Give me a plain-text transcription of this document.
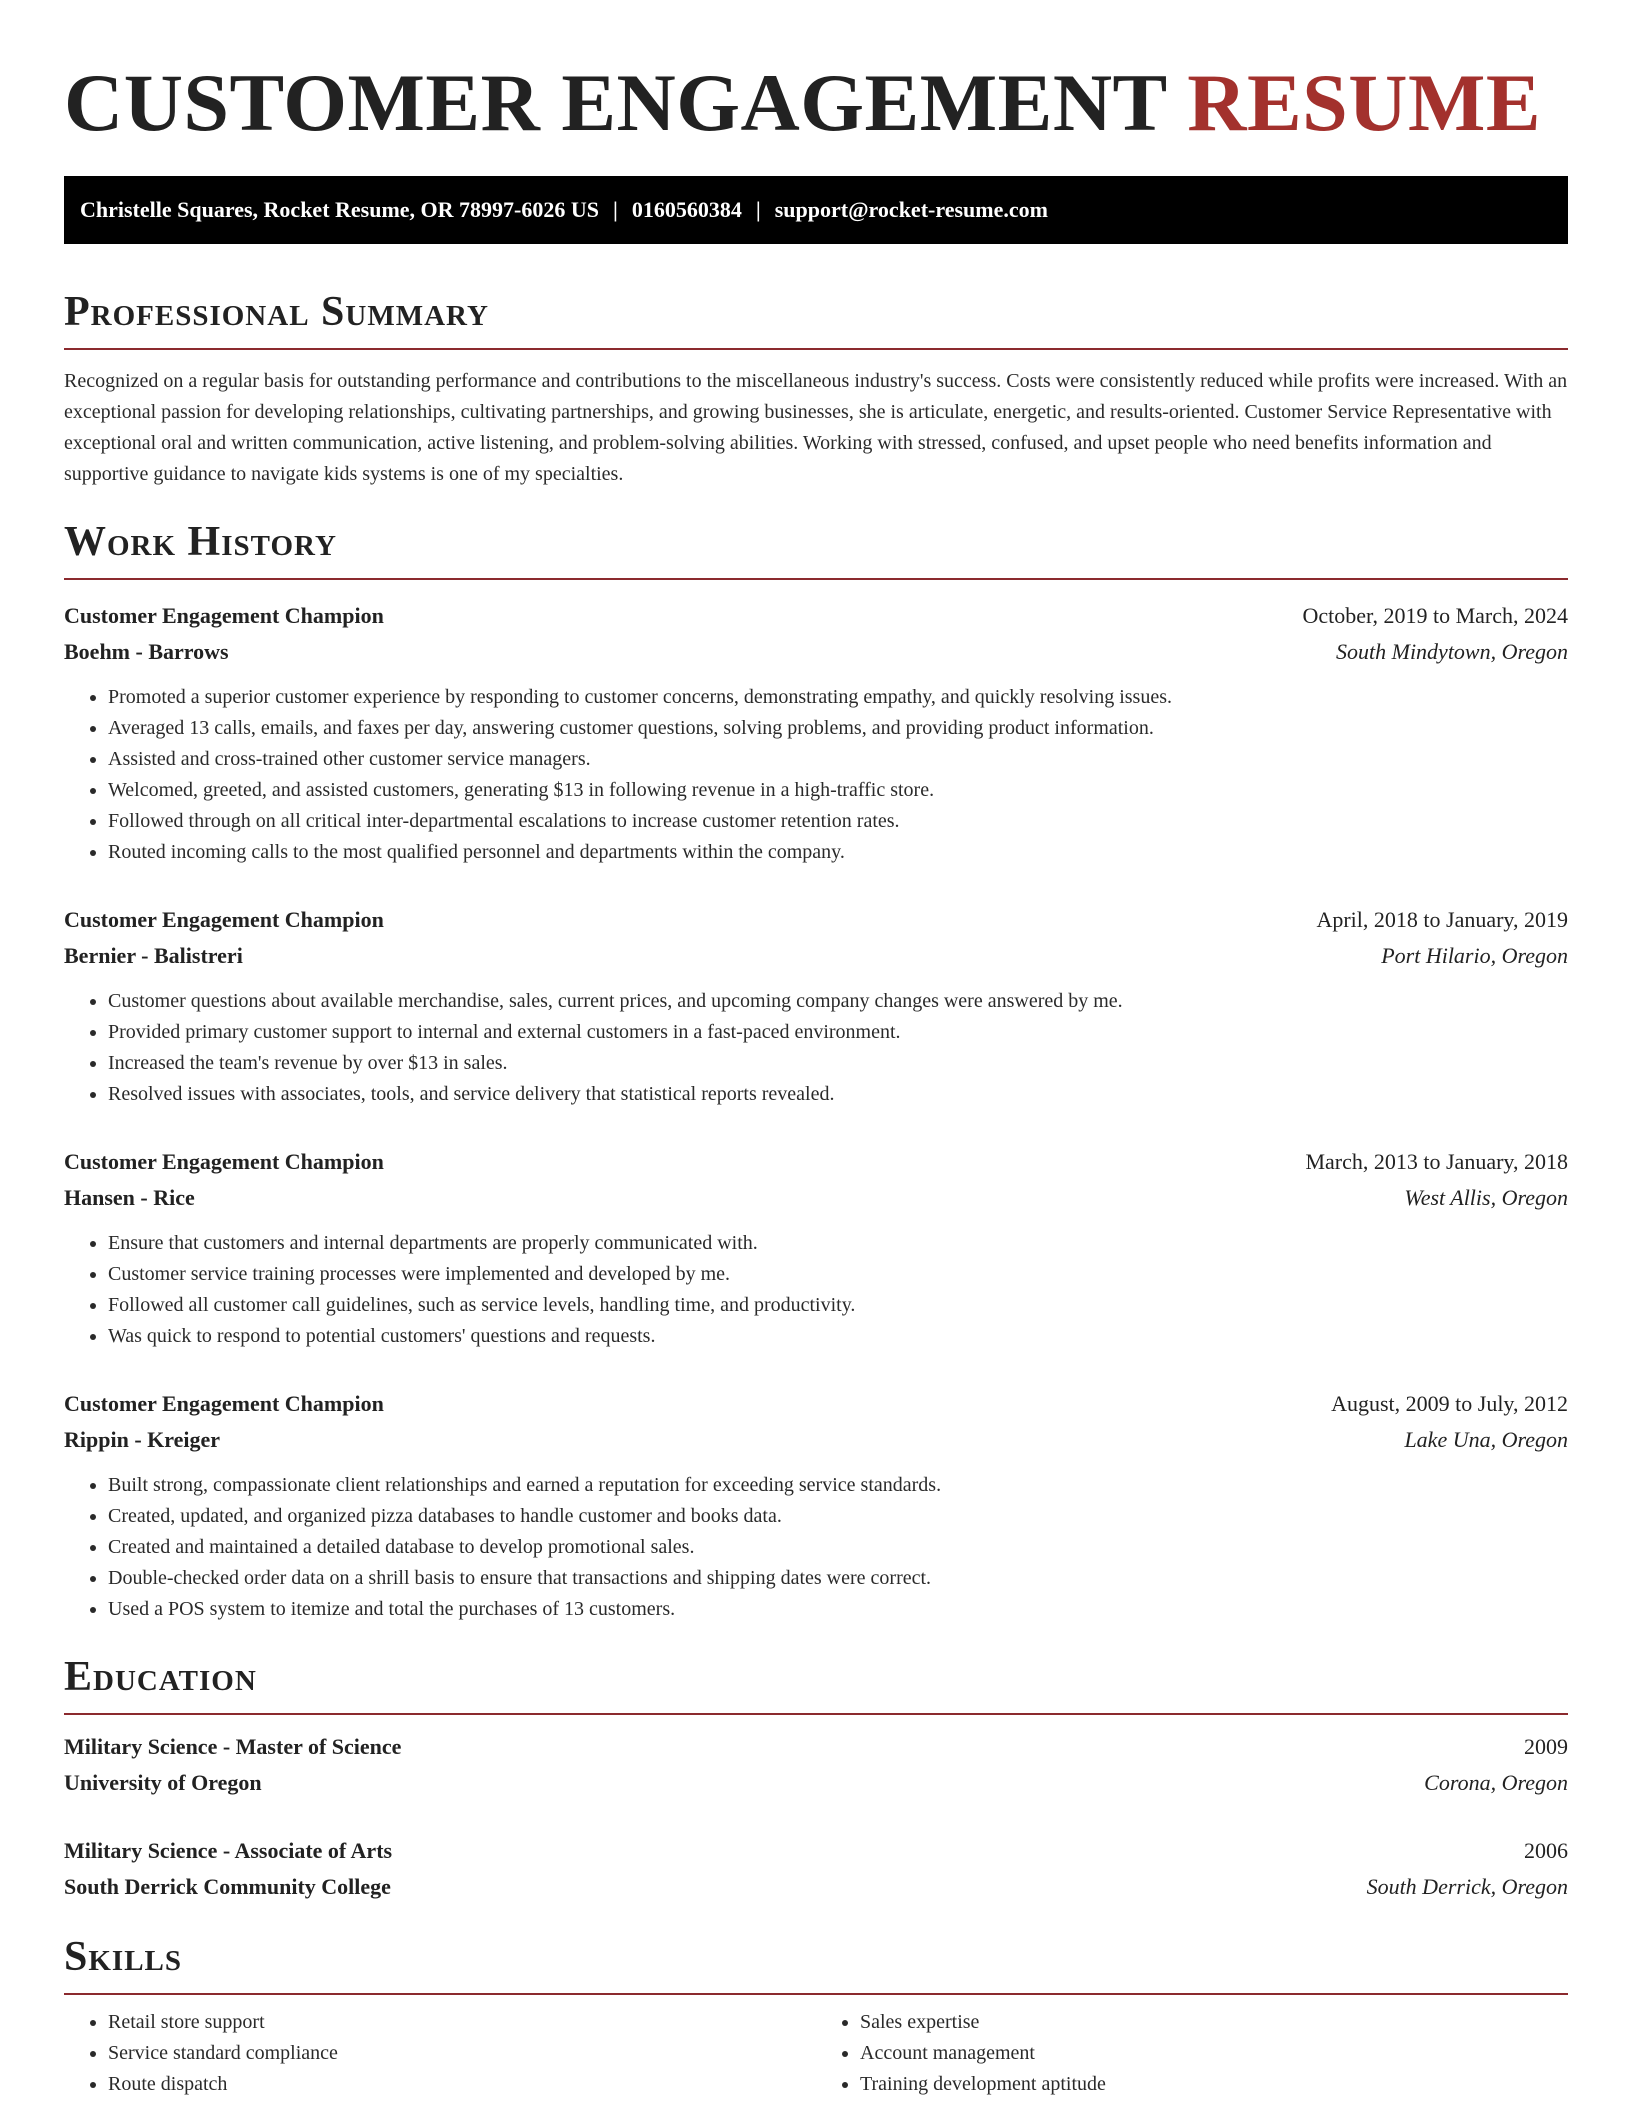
CUSTOMER ENGAGEMENT RESUME
Christelle Squares, Rocket Resume, OR 78997-6026 US | 0160560384 | support@rocket-resume.com
Professional Summary

Recognized on a regular basis for outstanding performance and contributions to the miscellaneous industry's success. Costs were consistently reduced while profits were increased. With an exceptional passion for developing relationships, cultivating partnerships, and growing businesses, she is articulate, energetic, and results-oriented. Customer Service Representative with exceptional oral and written communication, active listening, and problem-solving abilities. Working with stressed, confused, and upset people who need benefits information and supportive guidance to navigate kids systems is one of my specialties.

Work History
Customer Engagement Champion	October, 2019 to March, 2024
Boehm - Barrows	South Mindytown, Oregon
• Promoted a superior customer experience by responding to customer concerns, demonstrating empathy, and quickly resolving issues.
• Averaged 13 calls, emails, and faxes per day, answering customer questions, solving problems, and providing product information.
• Assisted and cross-trained other customer service managers.
• Welcomed, greeted, and assisted customers, generating $13 in following revenue in a high-traffic store.
• Followed through on all critical inter-departmental escalations to increase customer retention rates.
• Routed incoming calls to the most qualified personnel and departments within the company.
Customer Engagement Champion	April, 2018 to January, 2019
Bernier - Balistreri	Port Hilario, Oregon
• Customer questions about available merchandise, sales, current prices, and upcoming company changes were answered by me.
• Provided primary customer support to internal and external customers in a fast-paced environment.
• Increased the team's revenue by over $13 in sales.
• Resolved issues with associates, tools, and service delivery that statistical reports revealed.
Customer Engagement Champion	March, 2013 to January, 2018
Hansen - Rice	West Allis, Oregon
• Ensure that customers and internal departments are properly communicated with.
• Customer service training processes were implemented and developed by me.
• Followed all customer call guidelines, such as service levels, handling time, and productivity.
• Was quick to respond to potential customers' questions and requests.
Customer Engagement Champion	August, 2009 to July, 2012
Rippin - Kreiger	Lake Una, Oregon
• Built strong, compassionate client relationships and earned a reputation for exceeding service standards.
• Created, updated, and organized pizza databases to handle customer and books data.
• Created and maintained a detailed database to develop promotional sales.
• Double-checked order data on a shrill basis to ensure that transactions and shipping dates were correct.
• Used a POS system to itemize and total the purchases of 13 customers.
Education
Military Science - Master of Science	2009
University of Oregon	Corona, Oregon
Military Science - Associate of Arts	2006
South Derrick Community College	South Derrick, Oregon
Skills
• Retail store support
• Service standard compliance
• Route dispatch
• Sales expertise
• Account management
• Training development aptitude
